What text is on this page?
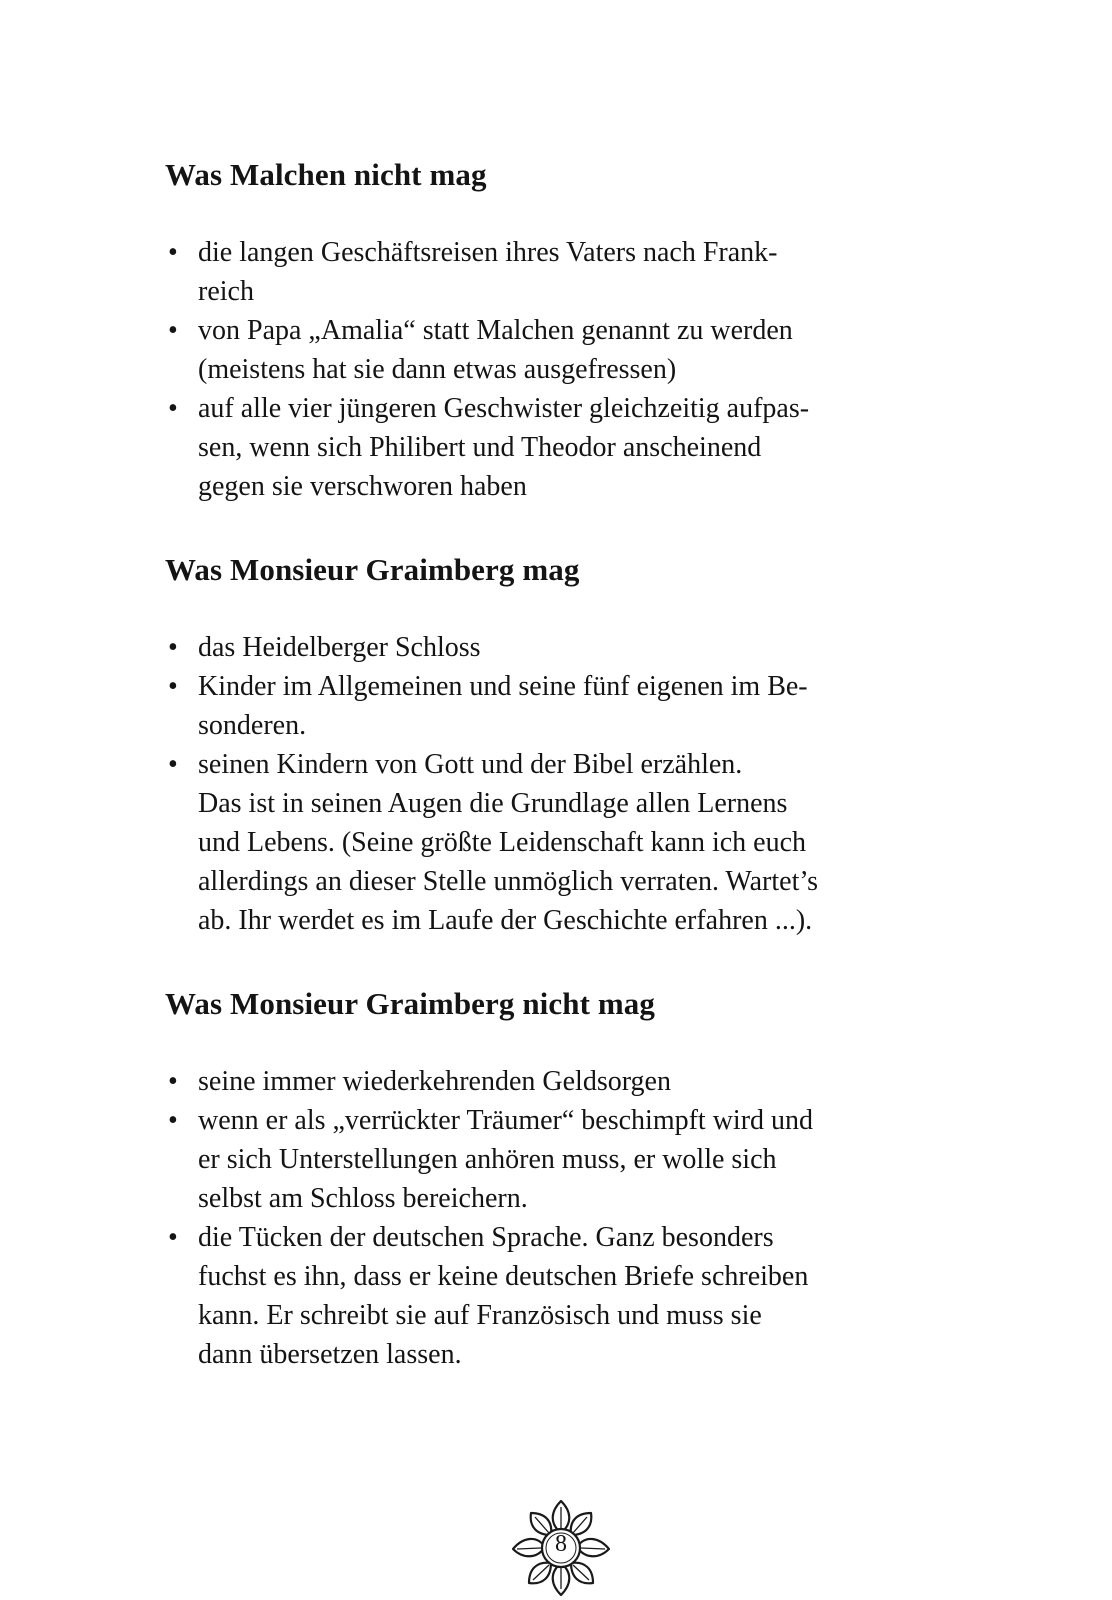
Was Malchen nicht mag
• die langen Geschäftsreisen ihres Vaters nach Frank-
reich
• von Papa „Amalia“ statt Malchen genannt zu werden
(meistens hat sie dann etwas ausgefressen)
• auf alle vier jüngeren Geschwister gleichzeitig aufpas-
sen, wenn sich Philibert und Theodor anscheinend
gegen sie verschworen haben
Was Monsieur Graimberg mag
• das Heidelberger Schloss
• Kinder im Allgemeinen und seine fünf eigenen im Be-
sonderen.
• seinen Kindern von Gott und der Bibel erzählen.
Das ist in seinen Augen die Grundlage allen Lernens
und Lebens. (Seine größte Leidenschaft kann ich euch
allerdings an dieser Stelle unmöglich verraten. Wartet’s
ab. Ihr werdet es im Laufe der Geschichte erfahren ...).
Was Monsieur Graimberg nicht mag
• seine immer wiederkehrenden Geldsorgen
• wenn er als „verrückter Träumer“ beschimpft wird und
er sich Unterstellungen anhören muss, er wolle sich
selbst am Schloss bereichern.
• die Tücken der deutschen Sprache. Ganz besonders
fuchst es ihn, dass er keine deutschen Briefe schreiben
kann. Er schreibt sie auf Französisch und muss sie
dann übersetzen lassen.
8
